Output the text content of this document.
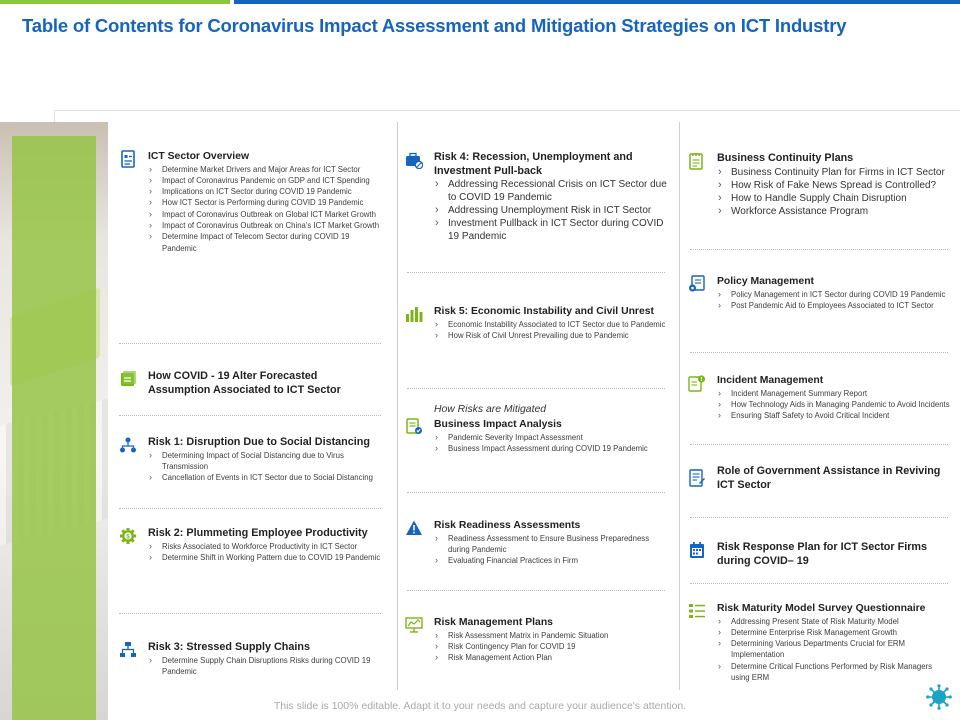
Table of Contents for Coronavirus Impact Assessment and Mitigation Strategies on ICT Industry
ICT Sector Overview
› Determine Market Drivers and Major Areas for ICT Sector
› Impact of Coronavirus Pandemic on GDP and ICT Spending
› Implications on ICT Sector during COVID 19 Pandemic
› How ICT Sector is Performing during COVID 19 Pandemic
› Impact of Coronavirus Outbreak on Global ICT Market Growth
› Impact of Coronavirus Outbreak on China's ICT Market Growth
› Determine Impact of Telecom Sector during COVID 19 Pandemic
How COVID - 19 Alter Forecasted Assumption Associated to ICT Sector
Risk 1: Disruption Due to Social Distancing
› Determining Impact of Social Distancing due to Virus Transmission
› Cancellation of Events in ICT Sector due to Social Distancing
$ Risk 2: Plummeting Employee Productivity
› Risks Associated to Workforce Productivity in ICT Sector
› Determine Shift in Working Pattern due to COVID 19 Pandemic
Risk 3: Stressed Supply Chains
› Determine Supply Chain Disruptions Risks during COVID 19 Pandemic
Risk 4: Recession, Unemployment and Investment Pull-back
› Addressing Recessional Crisis on ICT Sector due to COVID 19 Pandemic
› Addressing Unemployment Risk in ICT Sector
› Investment Pullback in ICT Sector during COVID 19 Pandemic
Risk 5: Economic Instability and Civil Unrest
› Economic Instability Associated to ICT Sector due to Pandemic
› How Risk of Civil Unrest Prevailing due to Pandemic
How Risks are Mitigated
Business Impact Analysis
› Pandemic Severity Impact Assessment
› Business Impact Assessment during COVID 19 Pandemic
Risk Readiness Assessments
› Readiness Assessment to Ensure Business Preparedness during Pandemic
› Evaluating Financial Practices in Firm
Risk Management Plans
› Risk Assessment Matrix in Pandemic Situation
› Risk Contingency Plan for COVID 19
› Risk Management Action Plan
Business Continuity Plans
› Business Continuity Plan for Firms in ICT Sector
› How Risk of Fake News Spread is Controlled?
› How to Handle Supply Chain Disruption
› Workforce Assistance Program
Policy Management
› Policy Management in ICT Sector during COVID 19 Pandemic
› Post Pandemic Aid to Employees Associated to ICT Sector
Incident Management
› Incident Management Summary Report
› How Technology Aids in Managing Pandemic to Avoid Incidents
› Ensuring Staff Safety to Avoid Critical Incident
Role of Government Assistance in Reviving ICT Sector
Risk Response Plan for ICT Sector Firms during COVID– 19
Risk Maturity Model Survey Questionnaire
› Addressing Present State of Risk Maturity Model
› Determine Enterprise Risk Management Growth
› Determining Various Departments Crucial for ERM Implementation
› Determine Critical Functions Performed by Risk Managers using ERM
This slide is 100% editable. Adapt it to your needs and capture your audience's attention.
